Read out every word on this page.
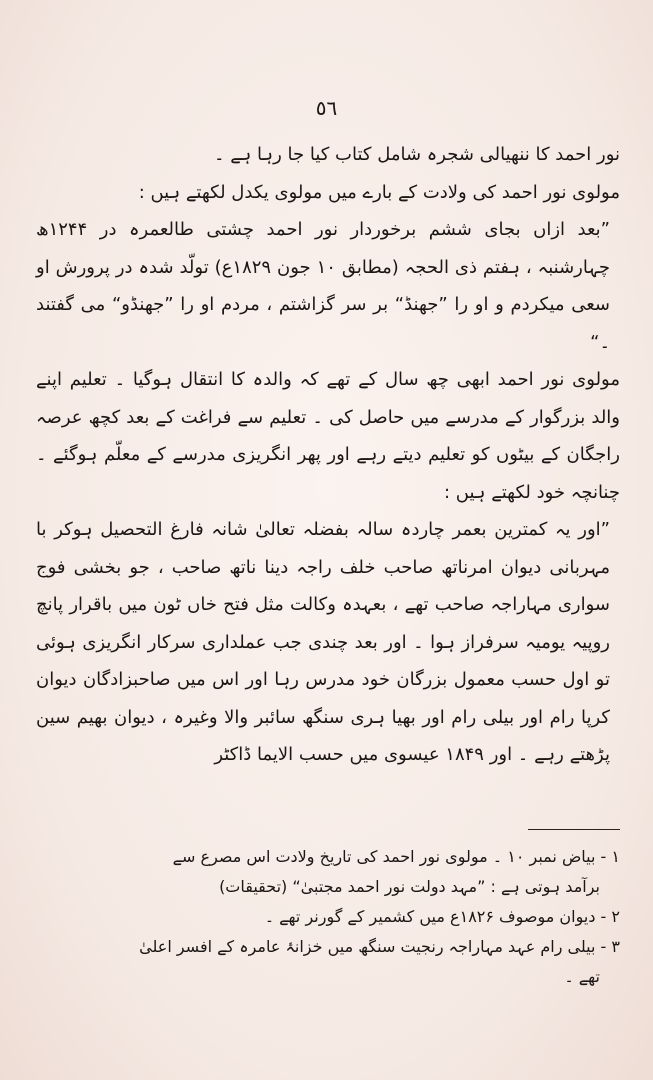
٥٦

نور احمد کا ننھیالی شجرہ شامل کتاب کیا جا رہا ہے ۔

مولوی نور احمد کی ولادت کے بارے میں مولوی یکدل لکھتے ہیں :

”بعد ازاں بجای ششم برخوردار نور احمد چشتی طالعمرہ در ۱۲۴۴ھ چہارشنبہ ، ہفتم ذی الحجہ (مطابق ۱۰ جون ۱۸۲۹ع) تولّد شدہ در پرورش او سعی میکردم و او را ”جھنڈ“ بر سر گزاشتم ، مردم او را ”جھنڈو“ می گفتند ۔“

مولوی نور احمد ابھی چھ سال کے تھے کہ والدہ کا انتقال ہوگیا ۔ تعلیم اپنے والد بزرگوار کے مدرسے میں حاصل کی ۔ تعلیم سے فراغت کے بعد کچھ عرصہ راجگان کے بیٹوں کو تعلیم دیتے رہے اور پھر انگریزی مدرسے کے معلّم ہوگئے ۔ چنانچہ خود لکھتے ہیں :

”اور یہ کمترین بعمر چاردہ سالہ بفضلہ تعالیٰ شانہ فارغ التحصیل ہوکر با مہربانی دیوان امرناتھ صاحب خلف راجہ دینا ناتھ صاحب ، جو بخشی فوج سواری مہاراجہ صاحب تھے ، بعہدہ وکالت مثل فتح خاں ٹون میں باقرار پانچ روپیہ یومیہ سرفراز ہوا ۔ اور بعد چندی جب عملداری سرکار انگریزی ہوئی تو اول حسب معمول بزرگان خود مدرس رہا اور اس میں صاحبزادگان دیوان کرپا رام اور بیلی رام اور بھیا ہری سنگھ سائبر والا وغیرہ ، دیوان بھیم سین پڑھتے رہے ۔ اور ۱۸۴۹ عیسوی میں حسب الایما ڈاکٹر

۱ - بیاض نمبر ۱۰ ۔ مولوی نور احمد کی تاریخ ولادت اس مصرع سے

برآمد ہوتی ہے : ”مہد دولت نور احمد مجتبیٰ“ (تحقیقات)

۲ - دیوان موصوف ۱۸۲۶ع میں کشمیر کے گورنر تھے ۔

۳ - بیلی رام عہد مہاراجہ رنجیت سنگھ میں خزانۂ عامرہ کے افسر اعلیٰ

تھے ۔
